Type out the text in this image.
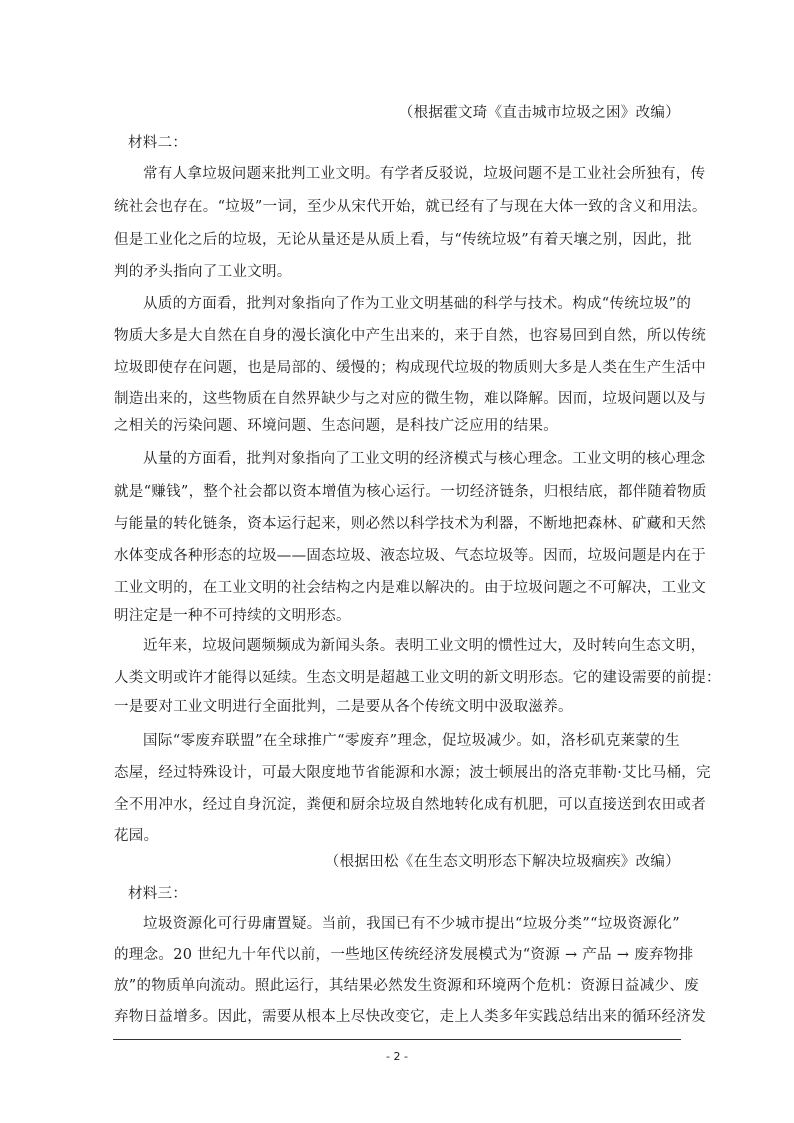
（根据霍文琦《直击城市垃圾之困》改编）
材料二：
常有人拿垃圾问题来批判工业文明。有学者反驳说，垃圾问题不是工业社会所独有，传
统社会也存在。“垃圾”一词，至少从宋代开始，就已经有了与现在大体一致的含义和用法。
但是工业化之后的垃圾，无论从量还是从质上看，与“传统垃圾”有着天壤之别，因此，批
判的矛头指向了工业文明。
从质的方面看，批判对象指向了作为工业文明基础的科学与技术。构成“传统垃圾”的
物质大多是大自然在自身的漫长演化中产生出来的，来于自然，也容易回到自然，所以传统
垃圾即使存在问题，也是局部的、缓慢的；构成现代垃圾的物质则大多是人类在生产生活中
制造出来的，这些物质在自然界缺少与之对应的微生物，难以降解。因而，垃圾问题以及与
之相关的污染问题、环境问题、生态问题，是科技广泛应用的结果。
从量的方面看，批判对象指向了工业文明的经济模式与核心理念。工业文明的核心理念
就是“赚钱”，整个社会都以资本增值为核心运行。一切经济链条，归根结底，都伴随着物质
与能量的转化链条，资本运行起来，则必然以科学技术为利器，不断地把森林、矿藏和天然
水体变成各种形态的垃圾——固态垃圾、液态垃圾、气态垃圾等。因而，垃圾问题是内在于
工业文明的，在工业文明的社会结构之内是难以解决的。由于垃圾问题之不可解决，工业文
明注定是一种不可持续的文明形态。
近年来，垃圾问题频频成为新闻头条。表明工业文明的惯性过大，及时转向生态文明，
人类文明或许才能得以延续。生态文明是超越工业文明的新文明形态。它的建设需要的前提：
一是要对工业文明进行全面批判，二是要从各个传统文明中汲取滋养。
国际“零废弃联盟”在全球推广“零废弃”理念，促垃圾减少。如，洛杉矶克莱蒙的生
态屋，经过特殊设计，可最大限度地节省能源和水源；波士顿展出的洛克菲勒·艾比马桶，完
全不用冲水，经过自身沉淀，粪便和厨余垃圾自然地转化成有机肥，可以直接送到农田或者
花园。
（根据田松《在生态文明形态下解决垃圾痼疾》改编）
材料三：
垃圾资源化可行毋庸置疑。当前，我国已有不少城市提出“垃圾分类”“垃圾资源化”
的理念。20 世纪九十年代以前，一些地区传统经济发展模式为“资源 → 产品 → 废弃物排
放”的物质单向流动。照此运行，其结果必然发生资源和环境两个危机：资源日益减少、废
弃物日益增多。因此，需要从根本上尽快改变它，走上人类多年实践总结出来的循环经济发
- 2 -
